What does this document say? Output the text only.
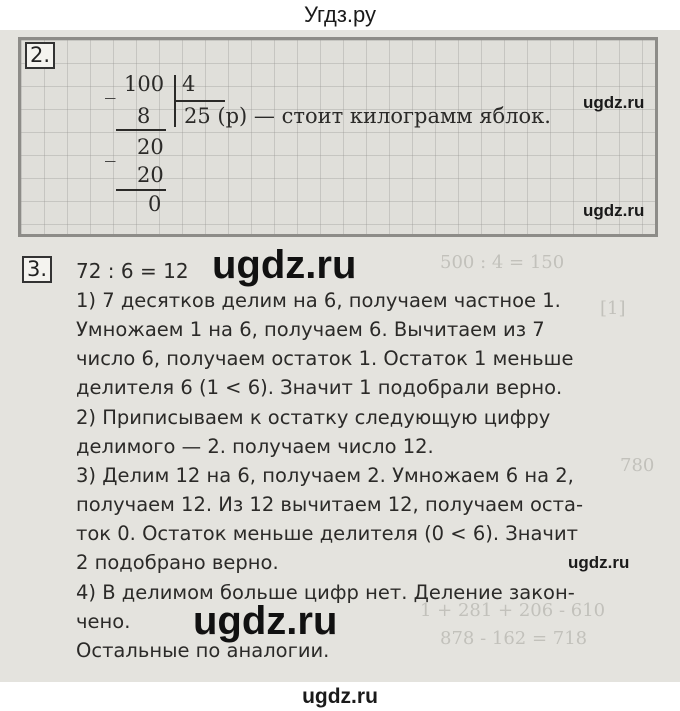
Угдз.ру
500 : 4 = 150
[1]
780
1 + 281 + 206 - 610
878 - 162 = 718
2.
_ 100 4
8 25 (р) — стоит килограмм яблок.
_ 20
20
0
ugdz.ru
ugdz.ru
3. 72 : 6 = 12
1) 7 десятков делим на 6, получаем частное 1.
Умножаем 1 на 6, получаем 6. Вычитаем из 7
число 6, получаем остаток 1. Остаток 1 меньше
делителя 6 (1 < 6). Значит 1 подобрали верно.
2) Приписываем к остатку следующую цифру
делимого — 2. получаем число 12.
3) Делим 12 на 6, получаем 2. Умножаем 6 на 2,
получаем 12. Из 12 вычитаем 12, получаем оста-
ток 0. Остаток меньше делителя (0 < 6). Значит
2 подобрано верно.
4) В делимом больше цифр нет. Деление закон-
чено.
Остальные по аналогии.
ugdz.ru
ugdz.ru
ugdz.ru
ugdz.ru
